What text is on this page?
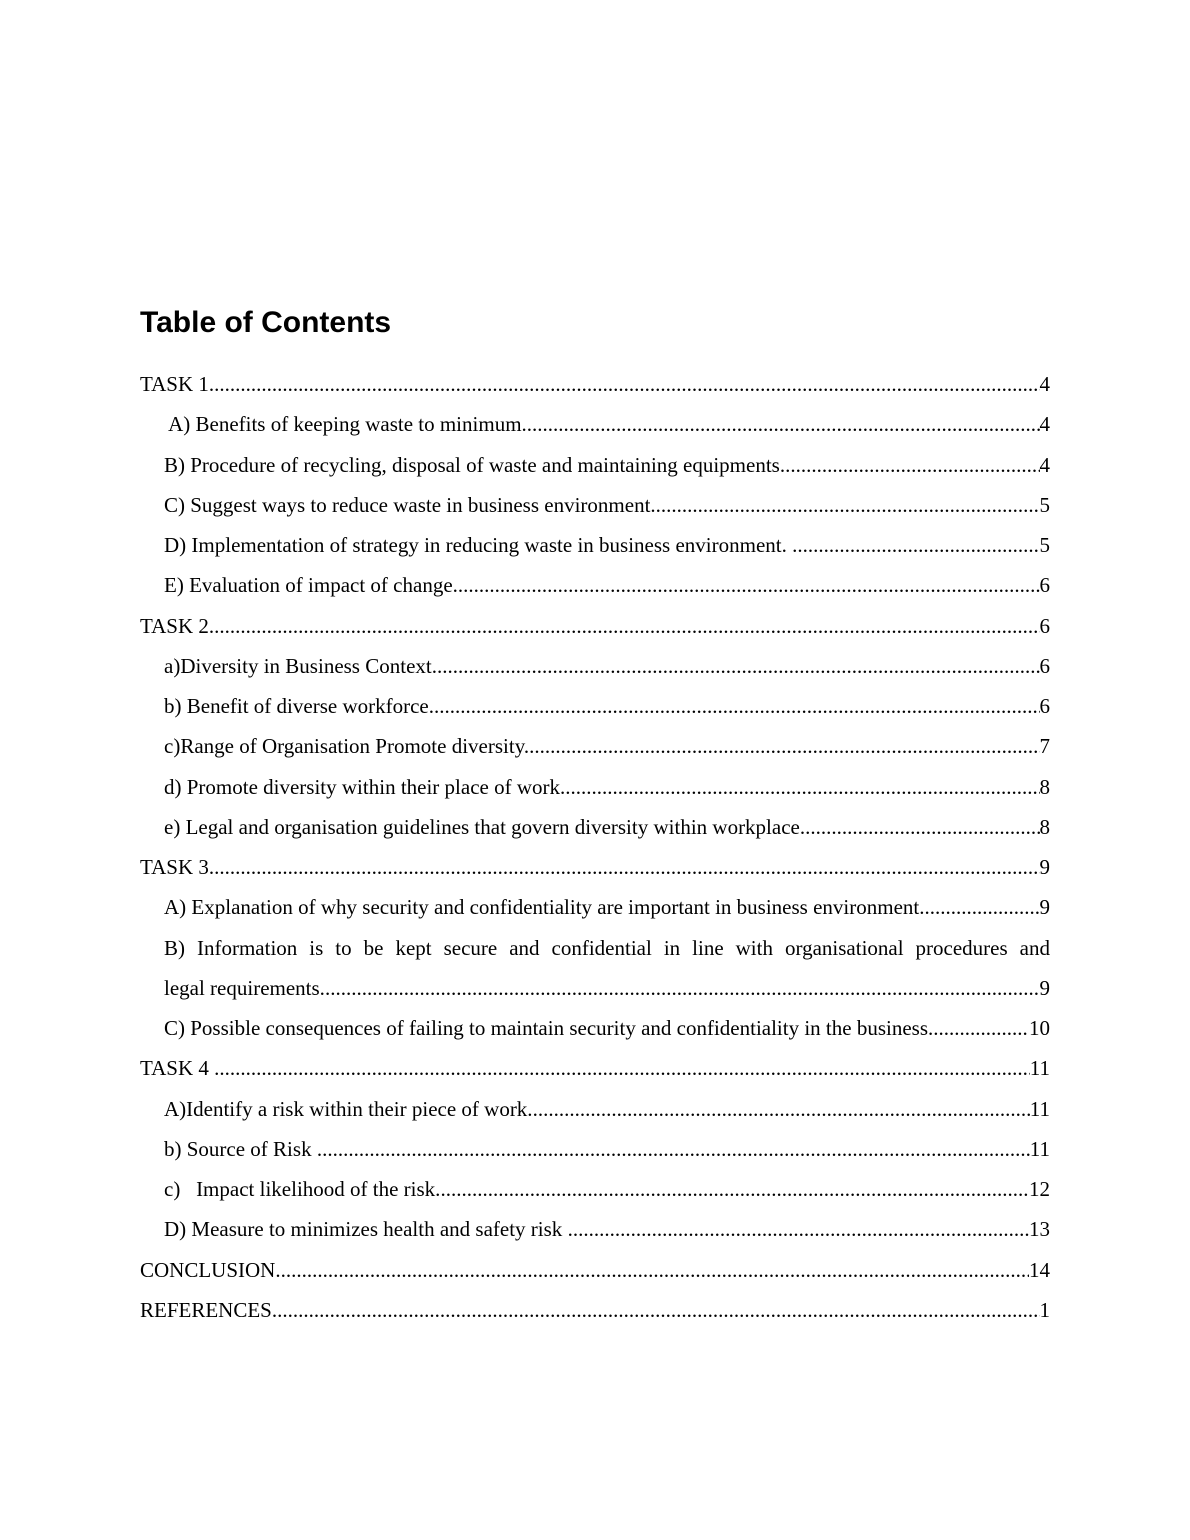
Table of Contents
TASK 1 .....	4
A) Benefits of keeping waste to minimum. .....	4
B) Procedure of recycling, disposal of waste and maintaining equipments. .....	4
C) Suggest ways to reduce waste in business environment. .....	5
D) Implementation of strategy in reducing waste in business environment. .....	5
E) Evaluation of impact of change. .....	6
TASK 2 .....	6
a)Diversity in Business Context. .....	6
b) Benefit of diverse workforce. .....	6
c)Range of Organisation Promote diversity. .....	7
d) Promote diversity within their place of work. .....	8
e) Legal and organisation guidelines that govern diversity within workplace. .....	8
TASK 3 .....	9
A) Explanation of why security and confidentiality are important in business environment. .....	9
B) Information is to be kept secure and confidential in line with organisational procedures and
legal requirements. .....	9
C) Possible consequences of failing to maintain security and confidentiality in the business. .....	10
TASK 4 .....	11
A)Identify a risk within their piece of work. .....	11
b) Source of Risk .....	11
c)   Impact likelihood of the risk. .....	12
D) Measure to minimizes health and safety risk .....	13
CONCLUSION .....	14
REFERENCES .....	1
